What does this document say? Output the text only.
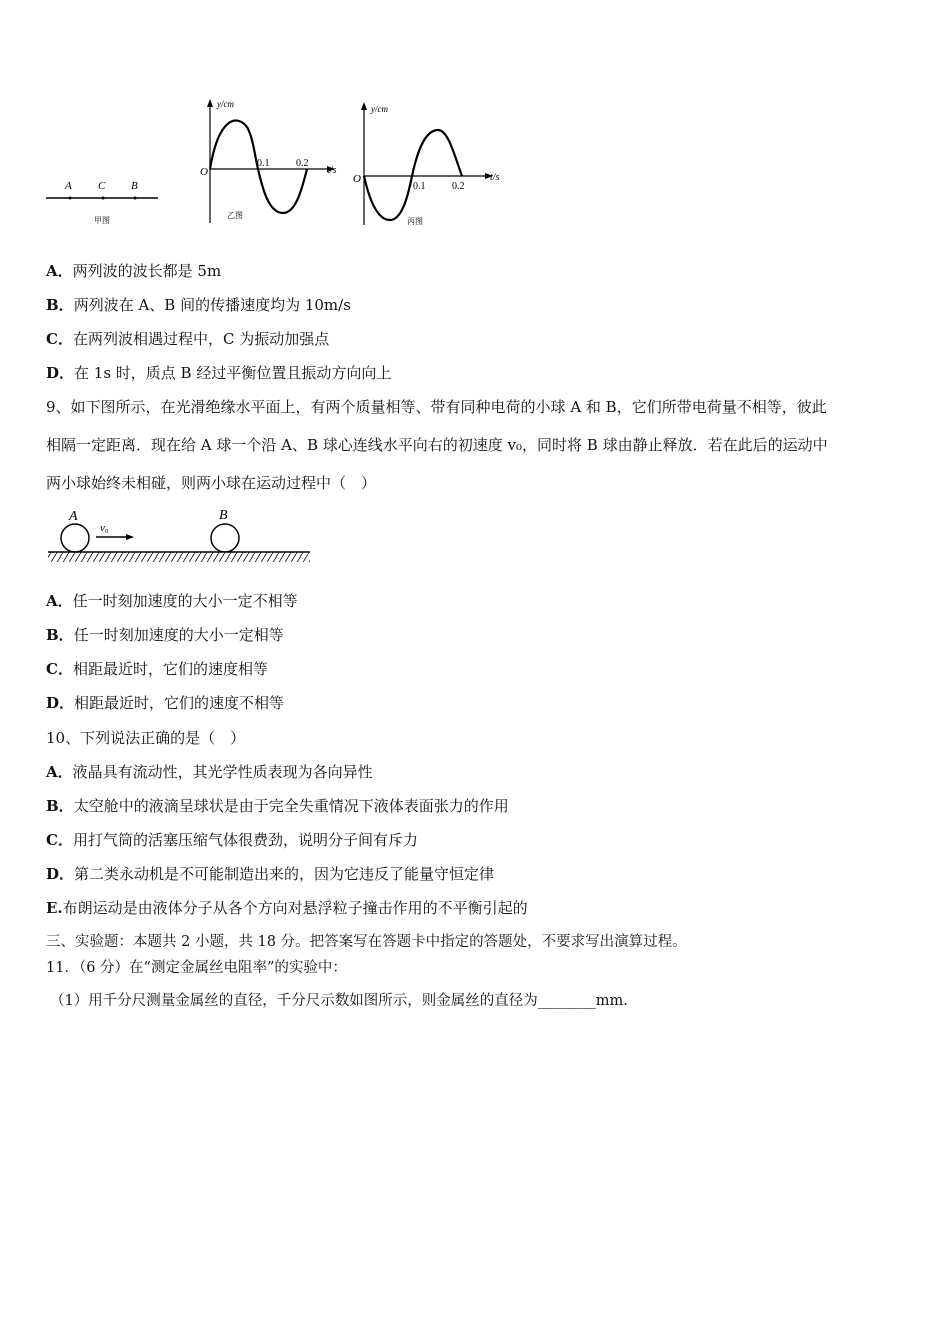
A C B
甲图
y/cm
O
0.1	0.2
t/s
乙图
y/cm
O
0.1	0.2
t/s
丙图
A．两列波的波长都是 5m
B．两列波在 A、B 间的传播速度均为 10m/s
C．在两列波相遇过程中，C 为振动加强点
D．在 1s 时，质点 B 经过平衡位置且振动方向向上
9、如下图所示，在光滑绝缘水平面上，有两个质量相等、带有同种电荷的小球 A 和 B，它们所带电荷量不相等，彼此
相隔一定距离．现在给 A 球一个沿 A、B 球心连线水平向右的初速度 v₀，同时将 B 球由静止释放．若在此后的运动中
两小球始终未相碰，则两小球在运动过程中（　）
A	B
v₀
A．任一时刻加速度的大小一定不相等
B．任一时刻加速度的大小一定相等
C．相距最近时，它们的速度相等
D．相距最近时，它们的速度不相等
10、下列说法正确的是（　）
A．液晶具有流动性，其光学性质表现为各向异性
B．太空舱中的液滴呈球状是由于完全失重情况下液体表面张力的作用
C．用打气筒的活塞压缩气体很费劲，说明分子间有斥力
D．第二类永动机是不可能制造出来的，因为它违反了能量守恒定律
E.布朗运动是由液体分子从各个方向对悬浮粒子撞击作用的不平衡引起的
三、实验题：本题共 2 小题，共 18 分。把答案写在答题卡中指定的答题处，不要求写出演算过程。
11．（6 分）在“测定金属丝电阻率”的实验中：
（1）用千分尺测量金属丝的直径，千分尺示数如图所示，则金属丝的直径为________mm.
